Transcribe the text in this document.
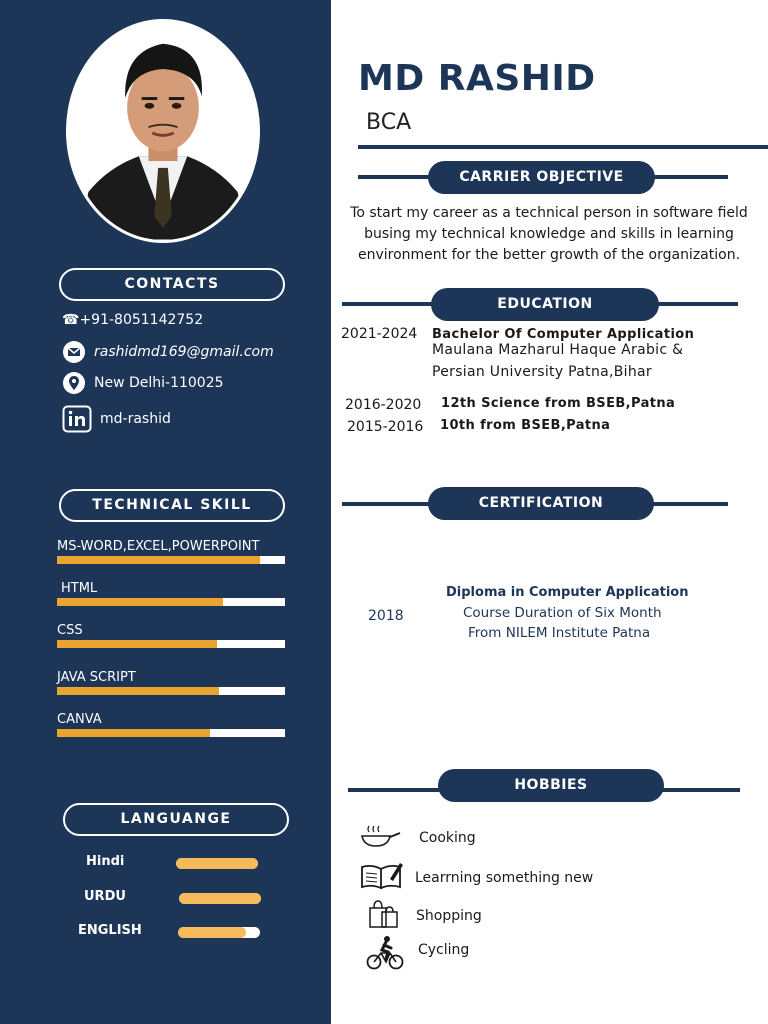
CONTACTS
☎+91-8051142752
rashidmd169@gmail.com
New Delhi-110025
md-rashid
TECHNICAL SKILL
MS-WORD,EXCEL,POWERPOINT
HTML
CSS
JAVA SCRIPT
CANVA
LANGUANGE
Hindi
URDU
ENGLISH
MD RASHID
BCA
CARRIER OBJECTIVE
To start my career as a technical person in software field busing my technical knowledge and skills in learning environment for the better growth of the organization.
EDUCATION
2021-2024 Bachelor Of Computer Application
Maulana Mazharul Haque Arabic &
Persian University Patna,Bihar
2016-2020 12th Science from BSEB,Patna
2015-2016 10th from BSEB,Patna
CERTIFICATION
2018
Diploma in Computer Application
Course Duration of Six Month
From NILEM Institute Patna
HOBBIES
Cooking
Learrning something new
Shopping
Cycling
